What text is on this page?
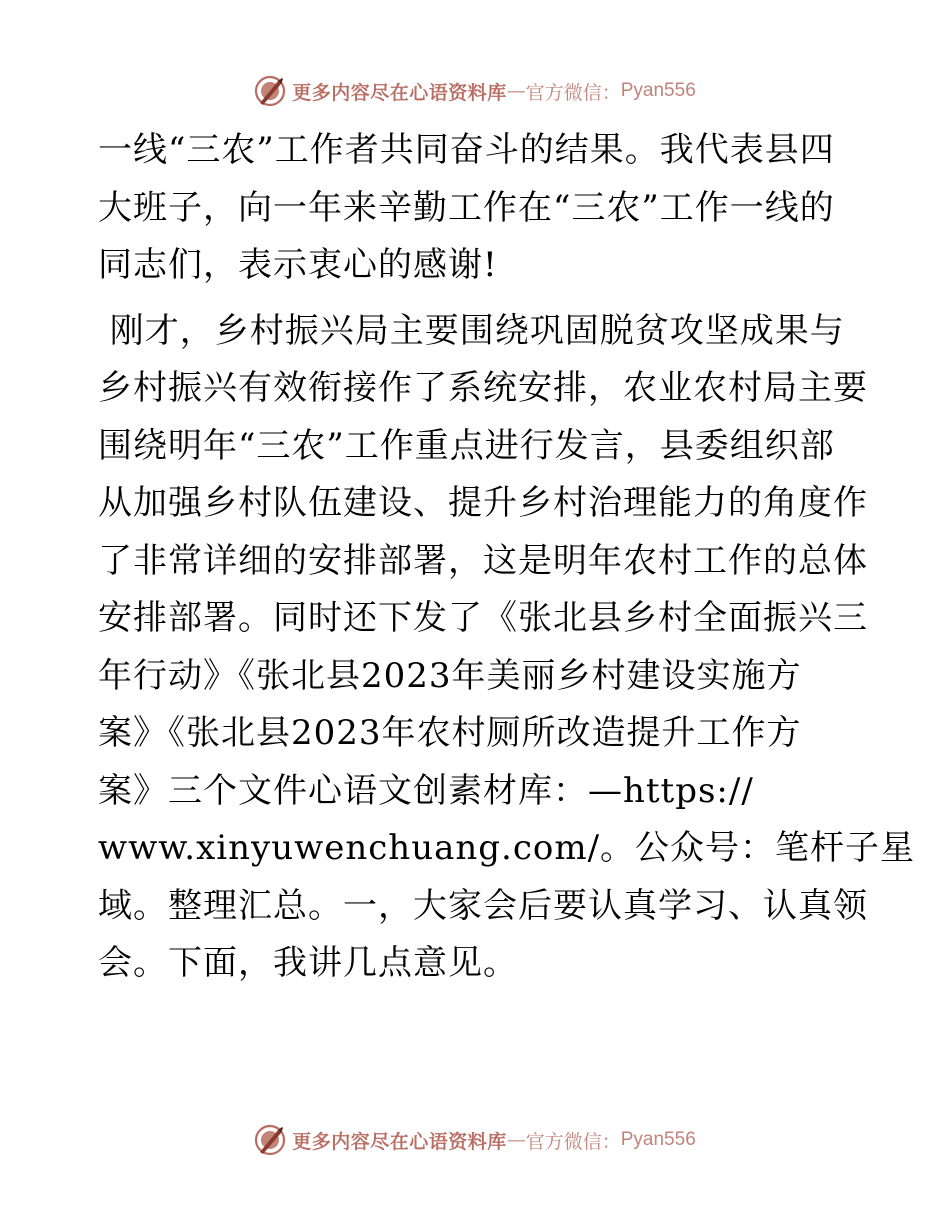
更多内容尽在心语资料库 — 官方微信： Pyan556
一线“三农”工作者共同奋斗的结果。我代表县四
大班子，向一年来辛勤工作在“三农”工作一线的
同志们，表示衷心的感谢!
刚才，乡村振兴局主要围绕巩固脱贫攻坚成果与
乡村振兴有效衔接作了系统安排，农业农村局主要
围绕明年“三农”工作重点进行发言，县委组织部
从加强乡村队伍建设、提升乡村治理能力的角度作
了非常详细的安排部署，这是明年农村工作的总体
安排部署。同时还下发了《张北县乡村全面振兴三
年行动》《张北县2023年美丽乡村建设实施方
案》《张北县2023年农村厕所改造提升工作方
案》三个文件心语文创素材库：—https://
www.xinyuwenchuang.com/。公众号：笔杆子星
域。整理汇总。一，大家会后要认真学习、认真领
会。下面，我讲几点意见。
更多内容尽在心语资料库 — 官方微信： Pyan556
